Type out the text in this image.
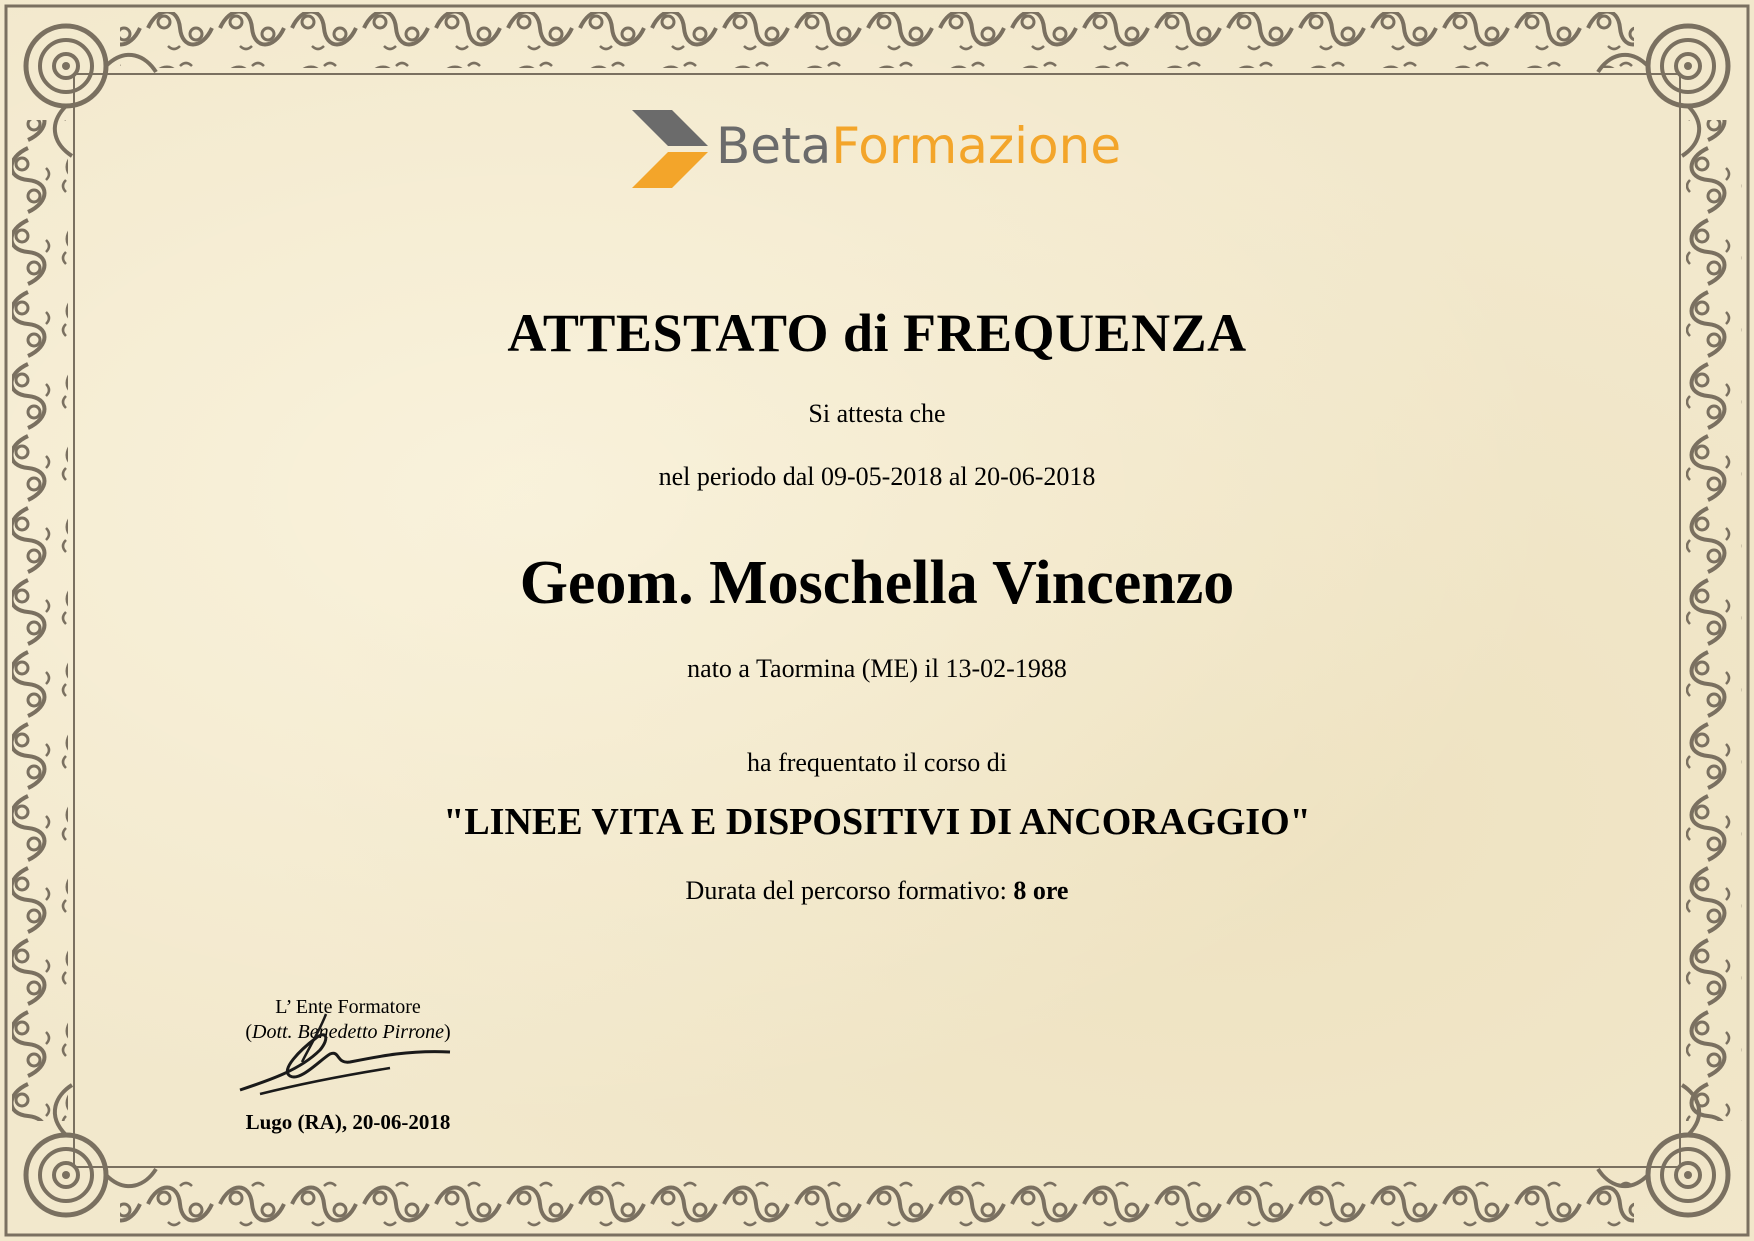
BetaFormazione
ATTESTATO di FREQUENZA
Si attesta che
nel periodo dal 09-05-2018 al 20-06-2018
Geom. Moschella Vincenzo
nato a Taormina (ME) il 13-02-1988
ha frequentato il corso di
"LINEE VITA E DISPOSITIVI DI ANCORAGGIO"
Durata del percorso formativo: 8 ore
L’ Ente Formatore
(Dott. Benedetto Pirrone)
Lugo (RA), 20-06-2018
